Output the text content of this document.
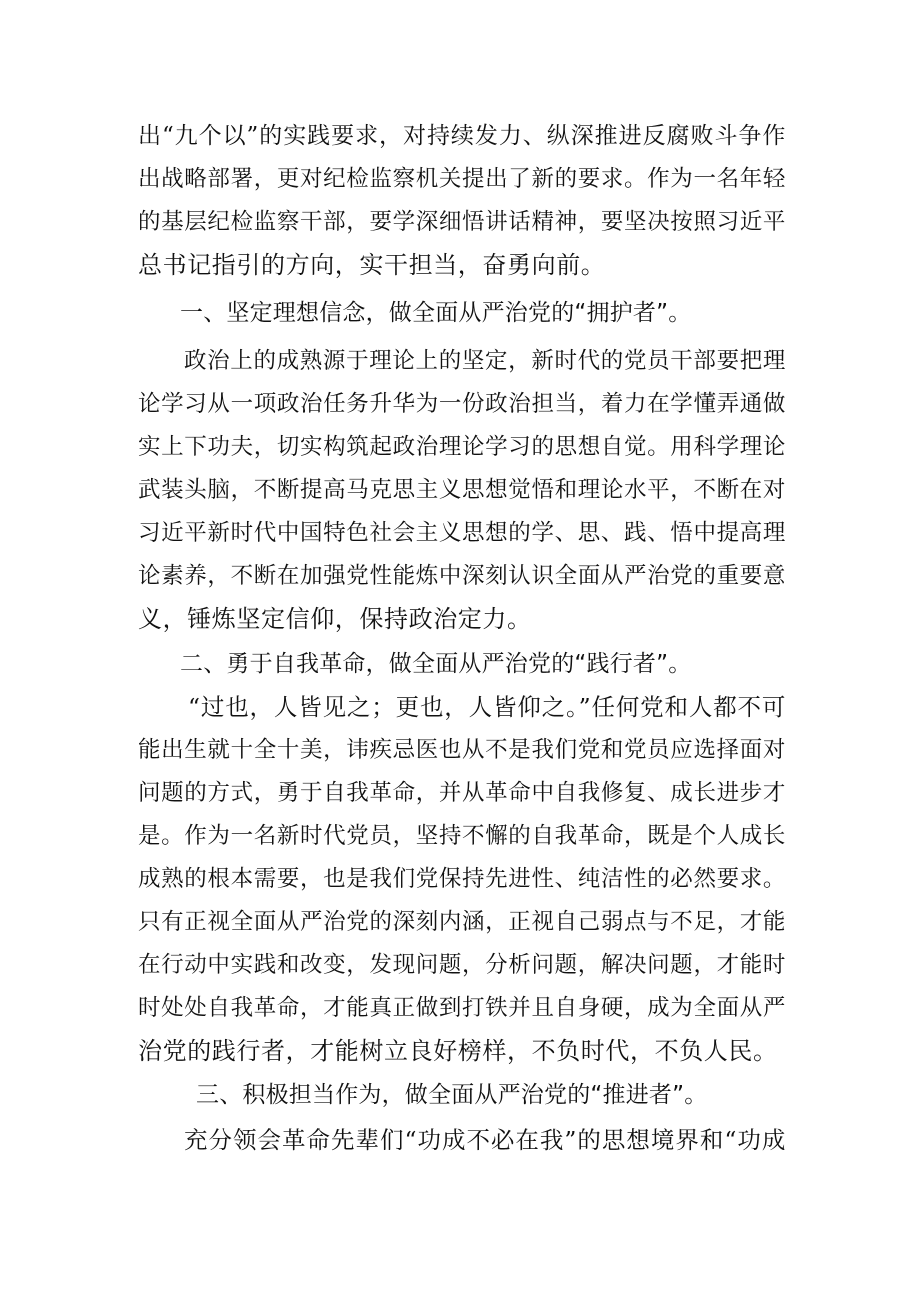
出“九个以”的实践要求，对持续发力、纵深推进反腐败斗争作
出战略部署，更对纪检监察机关提出了新的要求。作为一名年轻
的基层纪检监察干部，要学深细悟讲话精神，要坚决按照习近平
总书记指引的方向，实干担当，奋勇向前。
一、坚定理想信念，做全面从严治党的“拥护者”。
政治上的成熟源于理论上的坚定，新时代的党员干部要把理
论学习从一项政治任务升华为一份政治担当，着力在学懂弄通做
实上下功夫，切实构筑起政治理论学习的思想自觉。用科学理论
武装头脑，不断提高马克思主义思想觉悟和理论水平，不断在对
习近平新时代中国特色社会主义思想的学、思、践、悟中提高理
论素养，不断在加强党性能炼中深刻认识全面从严治党的重要意
义，锤炼坚定信仰，保持政治定力。
二、勇于自我革命，做全面从严治党的“践行者”。
“过也，人皆见之；更也，人皆仰之。”任何党和人都不可
能出生就十全十美，讳疾忌医也从不是我们党和党员应选择面对
问题的方式，勇于自我革命，并从革命中自我修复、成长进步才
是。作为一名新时代党员，坚持不懈的自我革命，既是个人成长
成熟的根本需要，也是我们党保持先进性、纯洁性的必然要求。
只有正视全面从严治党的深刻内涵，正视自己弱点与不足，才能
在行动中实践和改变，发现问题，分析问题，解决问题，才能时
时处处自我革命，才能真正做到打铁并且自身硬，成为全面从严
治党的践行者，才能树立良好榜样，不负时代，不负人民。
三、积极担当作为，做全面从严治党的“推进者”。
充分领会革命先辈们“功成不必在我”的思想境界和“功成
